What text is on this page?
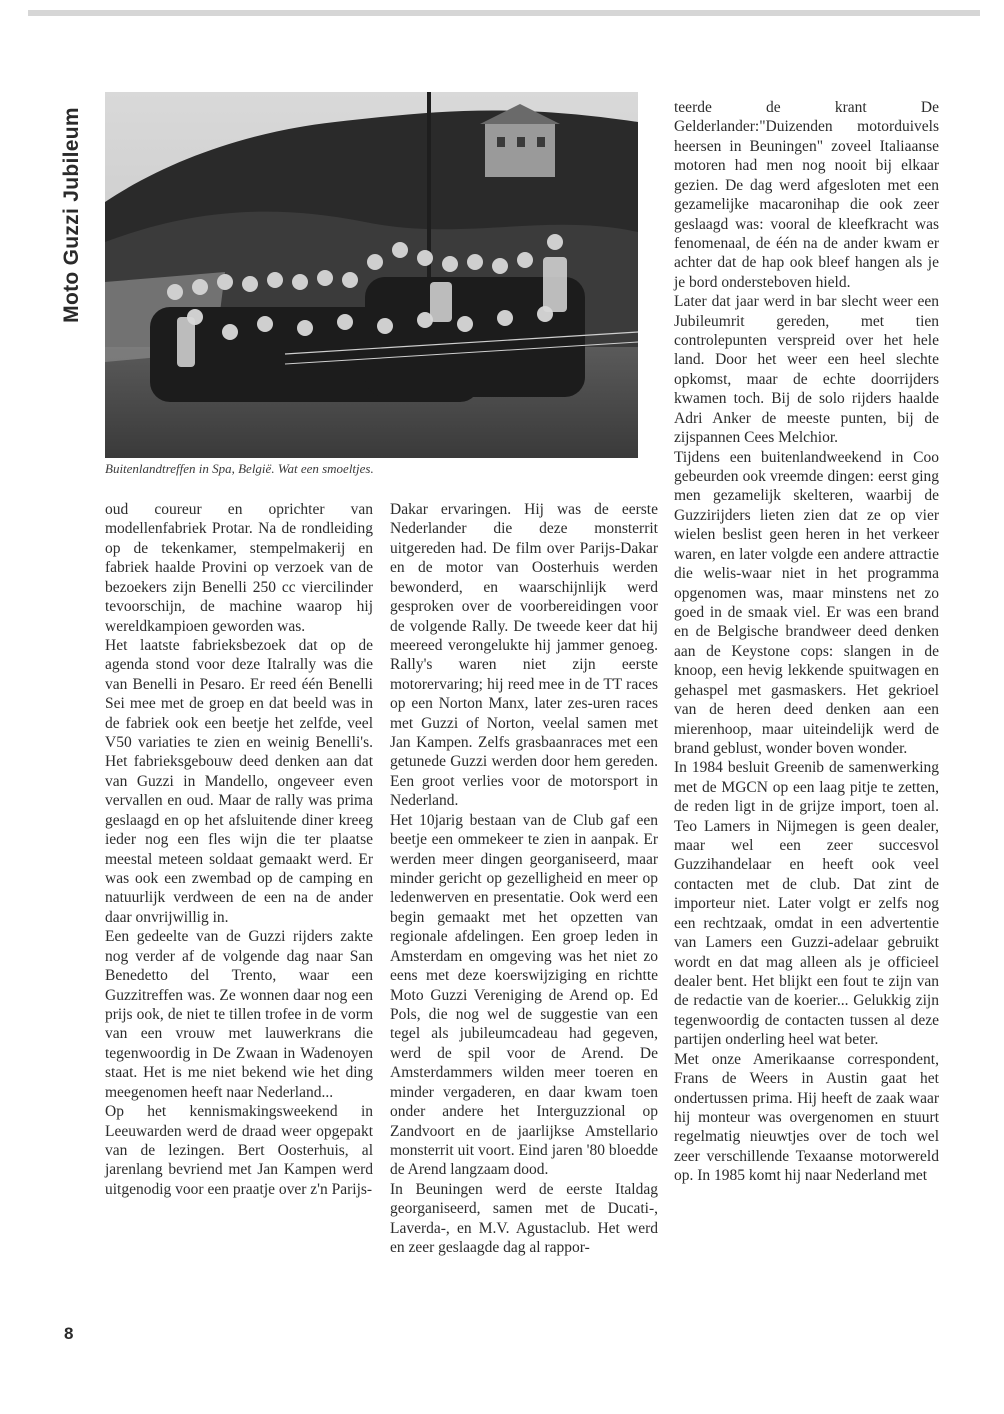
Moto Guzzi Jubileum
Buitenlandtreffen in Spa, België. Wat een smoeltjes.

oud coureur en oprichter van modellenfabriek Protar. Na de rondleiding op de tekenkamer, stempelmakerij en fabriek haalde Provini op verzoek van de bezoekers zijn Benelli 250 cc viercilinder tevoorschijn, de machine waarop hij wereldkampioen geworden was.

Het laatste fabrieksbezoek dat op de agenda stond voor deze Italrally was die van Benelli in Pesaro. Er reed één Benelli Sei mee met de groep en dat beeld was in de fabriek ook een beetje het zelfde, veel V50 variaties te zien en weinig Benelli's. Het fabrieksgebouw deed denken aan dat van Guzzi in Mandello, ongeveer even vervallen en oud. Maar de rally was prima geslaagd en op het afsluitende diner kreeg ieder nog een fles wijn die ter plaatse meestal meteen soldaat gemaakt werd. Er was ook een zwembad op de camping en natuurlijk verdween de een na de ander daar onvrijwillig in.

Een gedeelte van de Guzzi rijders zakte nog verder af de volgende dag naar San Benedetto del Trento, waar een Guzzitreffen was. Ze wonnen daar nog een prijs ook, de niet te tillen trofee in de vorm van een vrouw met lauwerkrans die tegenwoordig in De Zwaan in Wadenoyen staat. Het is me niet bekend wie het ding meegenomen heeft naar Nederland...

Op het kennismakingsweekend in Leeuwarden werd de draad weer opgepakt van de lezingen. Bert Oosterhuis, al jarenlang bevriend met Jan Kampen werd uitgenodig voor een praatje over z'n Parijs-

Dakar ervaringen. Hij was de eerste Nederlander die deze monsterrit uitgereden had. De film over Parijs-Dakar en de motor van Oosterhuis werden bewonderd, en waarschijnlijk werd gesproken over de voorbereidingen voor de volgende Rally. De tweede keer dat hij meereed verongelukte hij jammer genoeg. Rally's waren niet zijn eerste motorervaring; hij reed mee in de TT races op een Norton Manx, later zes-uren races met Guzzi of Norton, veelal samen met Jan Kampen. Zelfs grasbaanraces met een getunede Guzzi werden door hem gereden. Een groot verlies voor de motorsport in Nederland.

Het 10jarig bestaan van de Club gaf een beetje een ommekeer te zien in aanpak. Er werden meer dingen georganiseerd, maar minder gericht op gezelligheid en meer op ledenwerven en presentatie. Ook werd een begin gemaakt met het opzetten van regionale afdelingen. Een groep leden in Amsterdam en omgeving was het niet zo eens met deze koerswijziging en richtte Moto Guzzi Vereniging de Arend op. Ed Pols, die nog wel de suggestie van een tegel als jubileumcadeau had gegeven, werd de spil voor de Arend. De Amsterdammers wilden meer toeren en minder vergaderen, en daar kwam toen onder andere het Interguzzional op Zandvoort en de jaarlijkse Amstellario monsterrit uit voort. Eind jaren '80 bloedde de Arend langzaam dood.

In Beuningen werd de eerste Italdag georganiseerd, samen met de Ducati-, Laverda-, en M.V. Agustaclub. Het werd en zeer geslaagde dag al rappor-

teerde de krant De Gelderlander:"Duizenden motorduivels heersen in Beuningen" zoveel Italiaanse motoren had men nog nooit bij elkaar gezien. De dag werd afgesloten met een gezamelijke macaronihap die ook zeer geslaagd was: vooral de kleefkracht was fenomenaal, de één na de ander kwam er achter dat de hap ook bleef hangen als je je bord ondersteboven hield.

Later dat jaar werd in bar slecht weer een Jubileumrit gereden, met tien controlepunten verspreid over het hele land. Door het weer een heel slechte opkomst, maar de echte doorrijders kwamen toch. Bij de solo rijders haalde Adri Anker de meeste punten, bij de zijspannen Cees Melchior.

Tijdens een buitenlandweekend in Coo gebeurden ook vreemde dingen: eerst ging men gezamelijk skelteren, waarbij de Guzzirijders lieten zien dat ze op vier wielen beslist geen heren in het verkeer waren, en later volgde een andere attractie die welis-waar niet in het programma opgenomen was, maar minstens net zo goed in de smaak viel. Er was een brand en de Belgische brandweer deed denken aan de Keystone cops: slangen in de knoop, een hevig lekkende spuitwagen en gehaspel met gasmaskers. Het gekrioel van de heren deed denken aan een mierenhoop, maar uiteindelijk werd de brand geblust, wonder boven wonder.

In 1984 besluit Greenib de samenwerking met de MGCN op een laag pitje te zetten, de reden ligt in de grijze import, toen al. Teo Lamers in Nijmegen is geen dealer, maar wel een zeer succesvol Guzzihandelaar en heeft ook veel contacten met de club. Dat zint de importeur niet. Later volgt er zelfs nog een rechtzaak, omdat in een advertentie van Lamers een Guzzi-adelaar gebruikt wordt en dat mag alleen als je officieel dealer bent. Het blijkt een fout te zijn van de redactie van de koerier... Gelukkig zijn tegenwoordig de contacten tussen al deze partijen onderling heel wat beter.

Met onze Amerikaanse correspondent, Frans de Weers in Austin gaat het ondertussen prima. Hij heeft de zaak waar hij monteur was overgenomen en stuurt regelmatig nieuwtjes over de toch wel zeer verschillende Texaanse motorwereld op. In 1985 komt hij naar Nederland met

8
